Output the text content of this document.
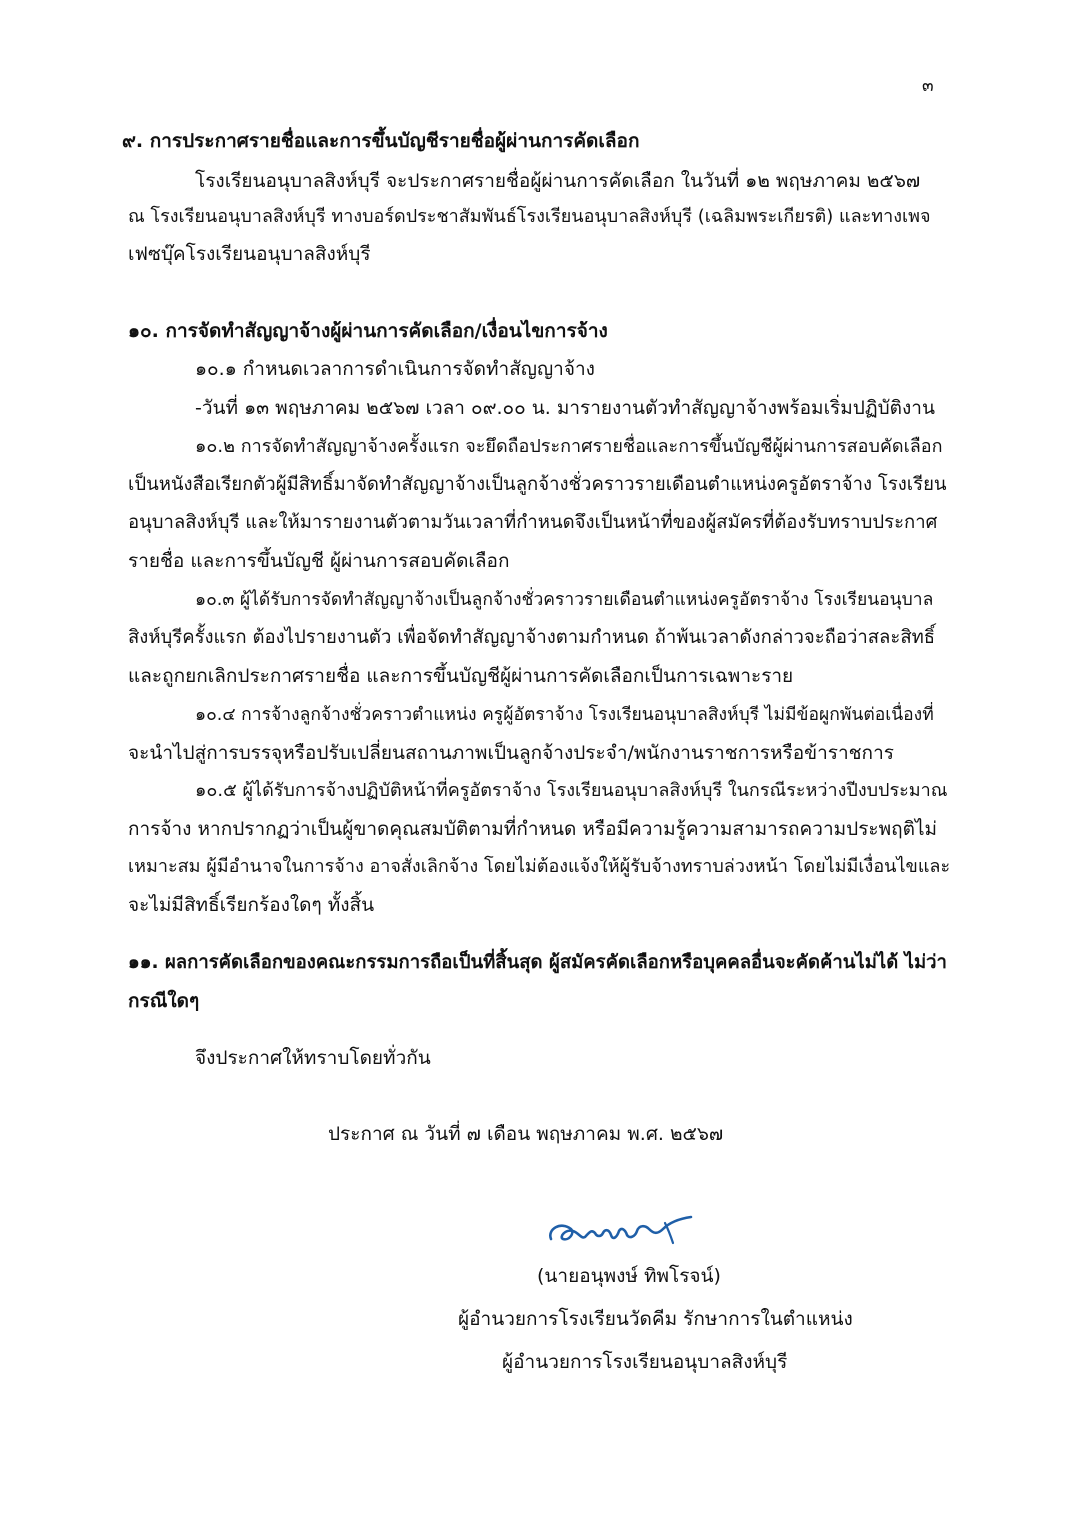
๓
๙. การประกาศรายชื่อและการขึ้นบัญชีรายชื่อผู้ผ่านการคัดเลือก
โรงเรียนอนุบาลสิงห์บุรี จะประกาศรายชื่อผู้ผ่านการคัดเลือก ในวันที่ ๑๒ พฤษภาคม ๒๕๖๗
ณ โรงเรียนอนุบาลสิงห์บุรี ทางบอร์ดประชาสัมพันธ์โรงเรียนอนุบาลสิงห์บุรี (เฉลิมพระเกียรติ) และทางเพจ
เฟซบุ๊คโรงเรียนอนุบาลสิงห์บุรี
๑๐. การจัดทำสัญญาจ้างผู้ผ่านการคัดเลือก/เงื่อนไขการจ้าง
๑๐.๑ กำหนดเวลาการดำเนินการจัดทำสัญญาจ้าง
-วันที่ ๑๓ พฤษภาคม ๒๕๖๗ เวลา ๐๙.๐๐ น. มารายงานตัวทำสัญญาจ้างพร้อมเริ่มปฏิบัติงาน
๑๐.๒ การจัดทำสัญญาจ้างครั้งแรก จะยึดถือประกาศรายชื่อและการขึ้นบัญชีผู้ผ่านการสอบคัดเลือก
เป็นหนังสือเรียกตัวผู้มีสิทธิ์มาจัดทำสัญญาจ้างเป็นลูกจ้างชั่วคราวรายเดือนตำแหน่งครูอัตราจ้าง โรงเรียน
อนุบาลสิงห์บุรี และให้มารายงานตัวตามวันเวลาที่กำหนดจึงเป็นหน้าที่ของผู้สมัครที่ต้องรับทราบประกาศ
รายชื่อ และการขึ้นบัญชี ผู้ผ่านการสอบคัดเลือก
๑๐.๓ ผู้ได้รับการจัดทำสัญญาจ้างเป็นลูกจ้างชั่วคราวรายเดือนตำแหน่งครูอัตราจ้าง โรงเรียนอนุบาล
สิงห์บุรีครั้งแรก ต้องไปรายงานตัว เพื่อจัดทำสัญญาจ้างตามกำหนด ถ้าพ้นเวลาดังกล่าวจะถือว่าสละสิทธิ์
และถูกยกเลิกประกาศรายชื่อ และการขึ้นบัญชีผู้ผ่านการคัดเลือกเป็นการเฉพาะราย
๑๐.๔ การจ้างลูกจ้างชั่วคราวตำแหน่ง ครูผู้อัตราจ้าง โรงเรียนอนุบาลสิงห์บุรี ไม่มีข้อผูกพันต่อเนื่องที่
จะนำไปสู่การบรรจุหรือปรับเปลี่ยนสถานภาพเป็นลูกจ้างประจำ/พนักงานราชการหรือข้าราชการ
๑๐.๕ ผู้ได้รับการจ้างปฏิบัติหน้าที่ครูอัตราจ้าง โรงเรียนอนุบาลสิงห์บุรี ในกรณีระหว่างปีงบประมาณ
การจ้าง หากปรากฏว่าเป็นผู้ขาดคุณสมบัติตามที่กำหนด หรือมีความรู้ความสามารถความประพฤติไม่
เหมาะสม ผู้มีอำนาจในการจ้าง อาจสั่งเลิกจ้าง โดยไม่ต้องแจ้งให้ผู้รับจ้างทราบล่วงหน้า โดยไม่มีเงื่อนไขและ
จะไม่มีสิทธิ์เรียกร้องใดๆ ทั้งสิ้น
๑๑. ผลการคัดเลือกของคณะกรรมการถือเป็นที่สิ้นสุด ผู้สมัครคัดเลือกหรือบุคคลอื่นจะคัดค้านไม่ได้ ไม่ว่า
กรณีใดๆ
จึงประกาศให้ทราบโดยทั่วกัน
ประกาศ ณ วันที่ ๗ เดือน พฤษภาคม พ.ศ. ๒๕๖๗
(นายอนุพงษ์ ทิพโรจน์)
ผู้อำนวยการโรงเรียนวัดคีม รักษาการในตำแหน่ง
ผู้อำนวยการโรงเรียนอนุบาลสิงห์บุรี
